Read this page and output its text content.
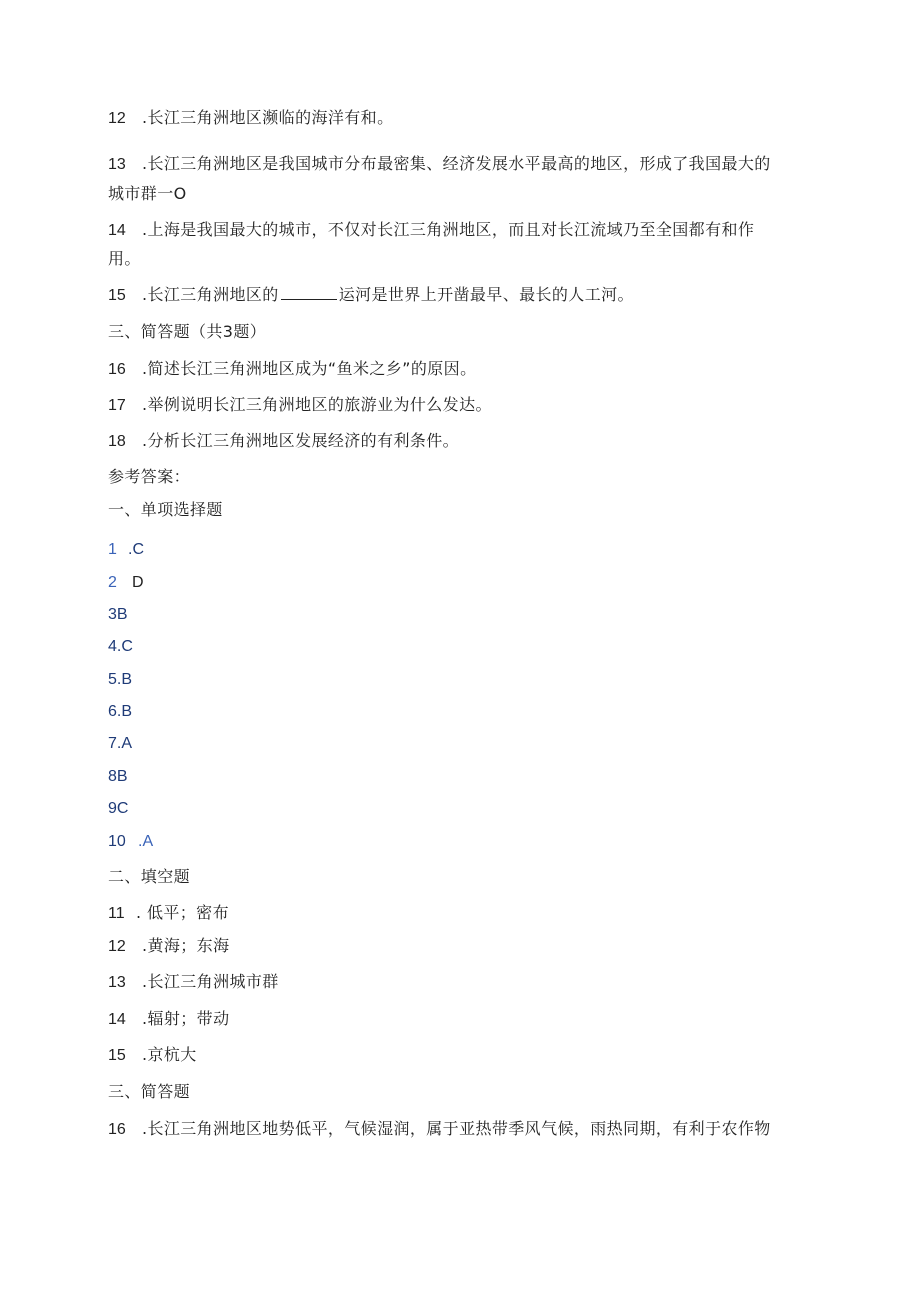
12 .长江三角洲地区濒临的海洋有和。
13 .长江三角洲地区是我国城市分布最密集、经济发展水平最高的地区，形成了我国最大的
城市群一O
14 .上海是我国最大的城市，不仅对长江三角洲地区，而且对长江流域乃至全国都有和作
用。
15 .长江三角洲地区的	运河是世界上开凿最早、最长的人工河。
三、简答题（共3题）
16 .简述长江三角洲地区成为“鱼米之乡”的原因。
17 .举例说明长江三角洲地区的旅游业为什么发达。
18 .分析长江三角洲地区发展经济的有利条件。
参考答案：
一、单项选择题
1 .C
2 D
3B
4.C
5.B
6.B
7.A
8B
9C
10 .A
二、填空题
11 . 低平；密布
12 .黄海；东海
13 .长江三角洲城市群
14 .辐射；带动
15 .京杭大
三、简答题
16 .长江三角洲地区地势低平，气候湿润，属于亚热带季风气候，雨热同期，有利于农作物
